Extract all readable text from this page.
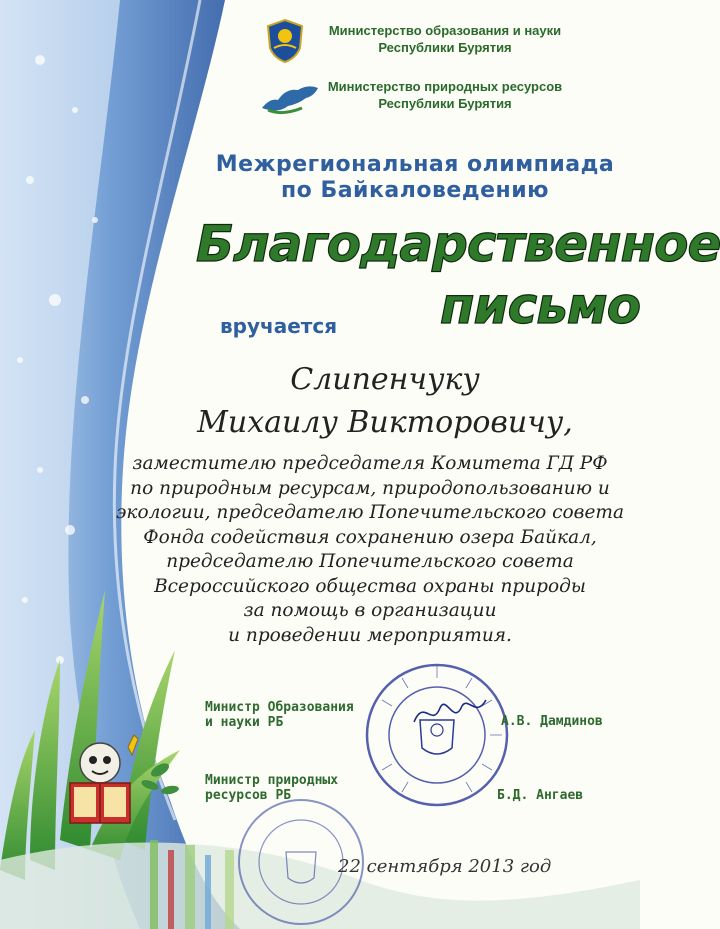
Министерство образования и науки
Республики Бурятия
Министерство природных ресурсов
Республики Бурятия
Межрегиональная олимпиада
по Байкаловедению
Благодарственное
письмо
вручается
Слипенчуку
Михаилу Викторовичу,
заместителю председателя Комитета ГД РФ
по природным ресурсам, природопользованию и
экологии, председателю Попечительского совета
Фонда содействия сохранению озера Байкал,
председателю Попечительского совета
Всероссийского общества охраны природы
за помощь в организации
и проведении мероприятия.
Министр Образования
и науки РБ	А.В. Дамдинов
Министр природных
ресурсов РБ	Б.Д. Ангаев
22 сентября 2013 год
